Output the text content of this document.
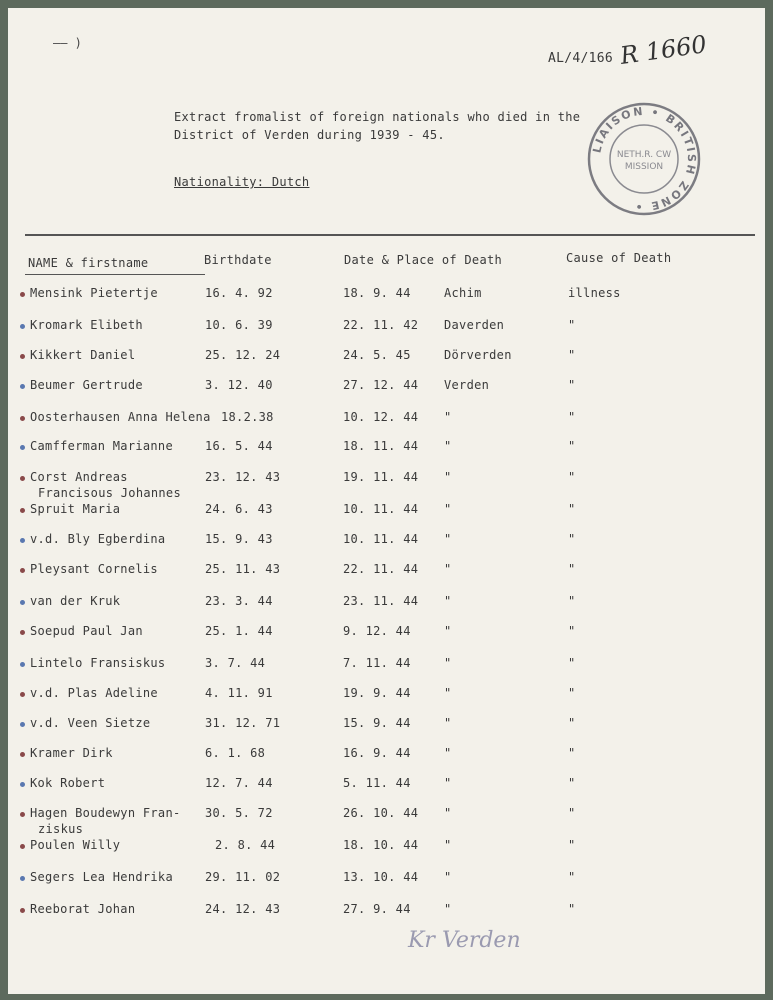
—— )
AL/4/166 R 1660
Extract fromalist of foreign nationals who died in the
District of Verden during 1939 - 45.
Nationality: Dutch
LIAISON • BRITISH ZONE •
NETH.R. CW
MISSION
NAME & firstname	Birthdate	Date & Place of Death	Cause of Death
Mensink Pietertje	16. 4. 92	18. 9. 44	Achim	illness
Kromark Elibeth	10. 6. 39	22. 11. 42 Daverden	"
Kikkert Daniel	25. 12. 24	24. 5. 45	Dörverden	"
Beumer Gertrude	3. 12. 40	27. 12. 44 Verden	"
Oosterhausen Anna Helena 18.2.38	10. 12. 44 "	"
Camfferman Marianne	16. 5. 44	18. 11. 44 "	"
Corst Andreas	23. 12. 43	19. 11. 44 "	"
Francisous Johannes
Spruit Maria	24. 6. 43	10. 11. 44 "	"
v.d. Bly Egberdina	15. 9. 43	10. 11. 44 "	"
Pleysant Cornelis	25. 11. 43	22. 11. 44 "	"
van der Kruk	23. 3. 44	23. 11. 44 "	"
Soepud Paul Jan	25. 1. 44	9. 12. 44	"	"
Lintelo Fransiskus	3. 7. 44	7. 11. 44	"	"
v.d. Plas Adeline	4. 11. 91	19. 9. 44	"	"
v.d. Veen Sietze	31. 12. 71	15. 9. 44	"	"
Kramer Dirk	6. 1. 68	16. 9. 44	"	"
Kok Robert	12. 7. 44	5. 11. 44	"	"
Hagen Boudewyn Fran- 30. 5. 72	26. 10. 44 "	"
ziskus
Poulen Willy	2. 8. 44	18. 10. 44 "	"
Segers Lea Hendrika	29. 11. 02	13. 10. 44 "	"
Reeborat Johan	24. 12. 43	27. 9. 44	"	"
Kr Verden
